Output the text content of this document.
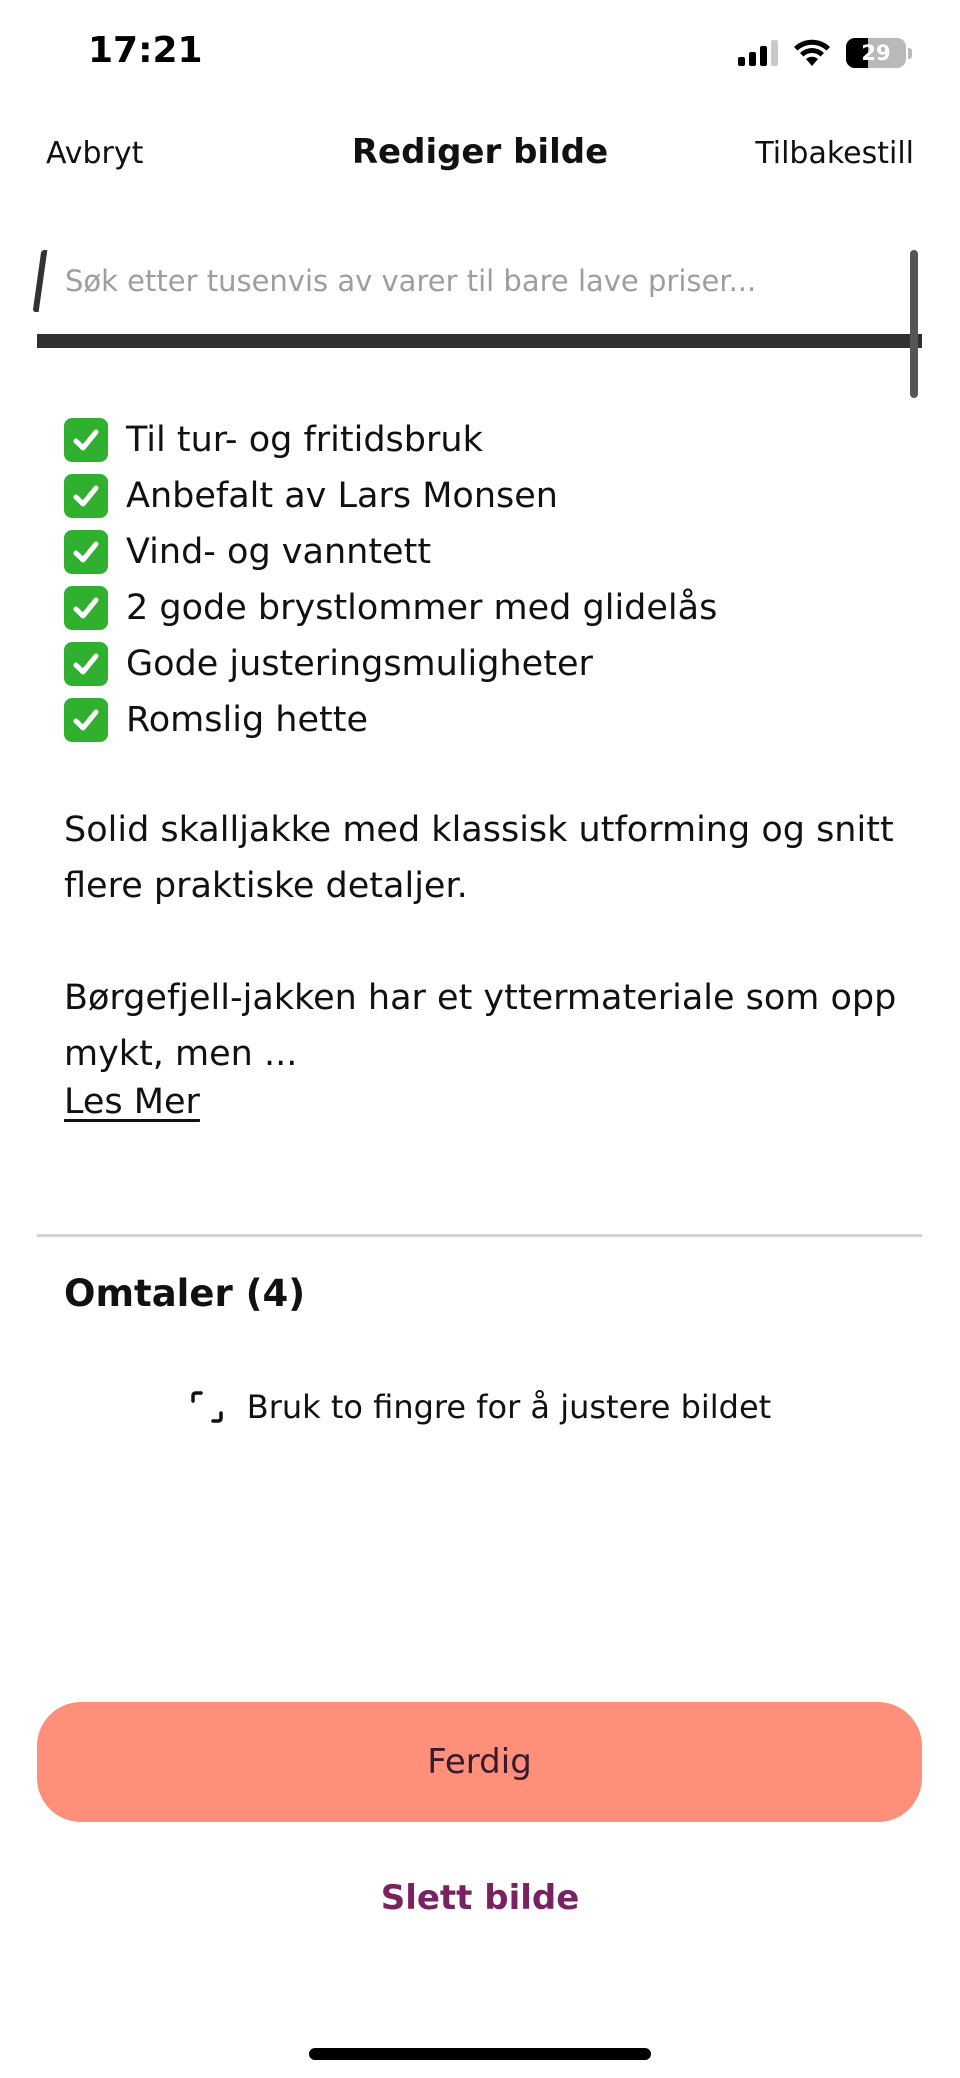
17:21	29
Avbryt	Rediger bilde	Tilbakestill
Søk etter tusenvis av varer til bare lave priser...
Til tur- og fritidsbruk
Anbefalt av Lars Monsen
Vind- og vanntett
2 gode brystlommer med glidelås
Gode justeringsmuligheter
Romslig hette
Solid skalljakke med klassisk utforming og snitt
flere praktiske detaljer.
Børgefjell-jakken har et yttermateriale som opp
mykt, men ...
Les Mer
Omtaler (4)
Bruk to fingre for å justere bildet
Ferdig
Slett bilde
